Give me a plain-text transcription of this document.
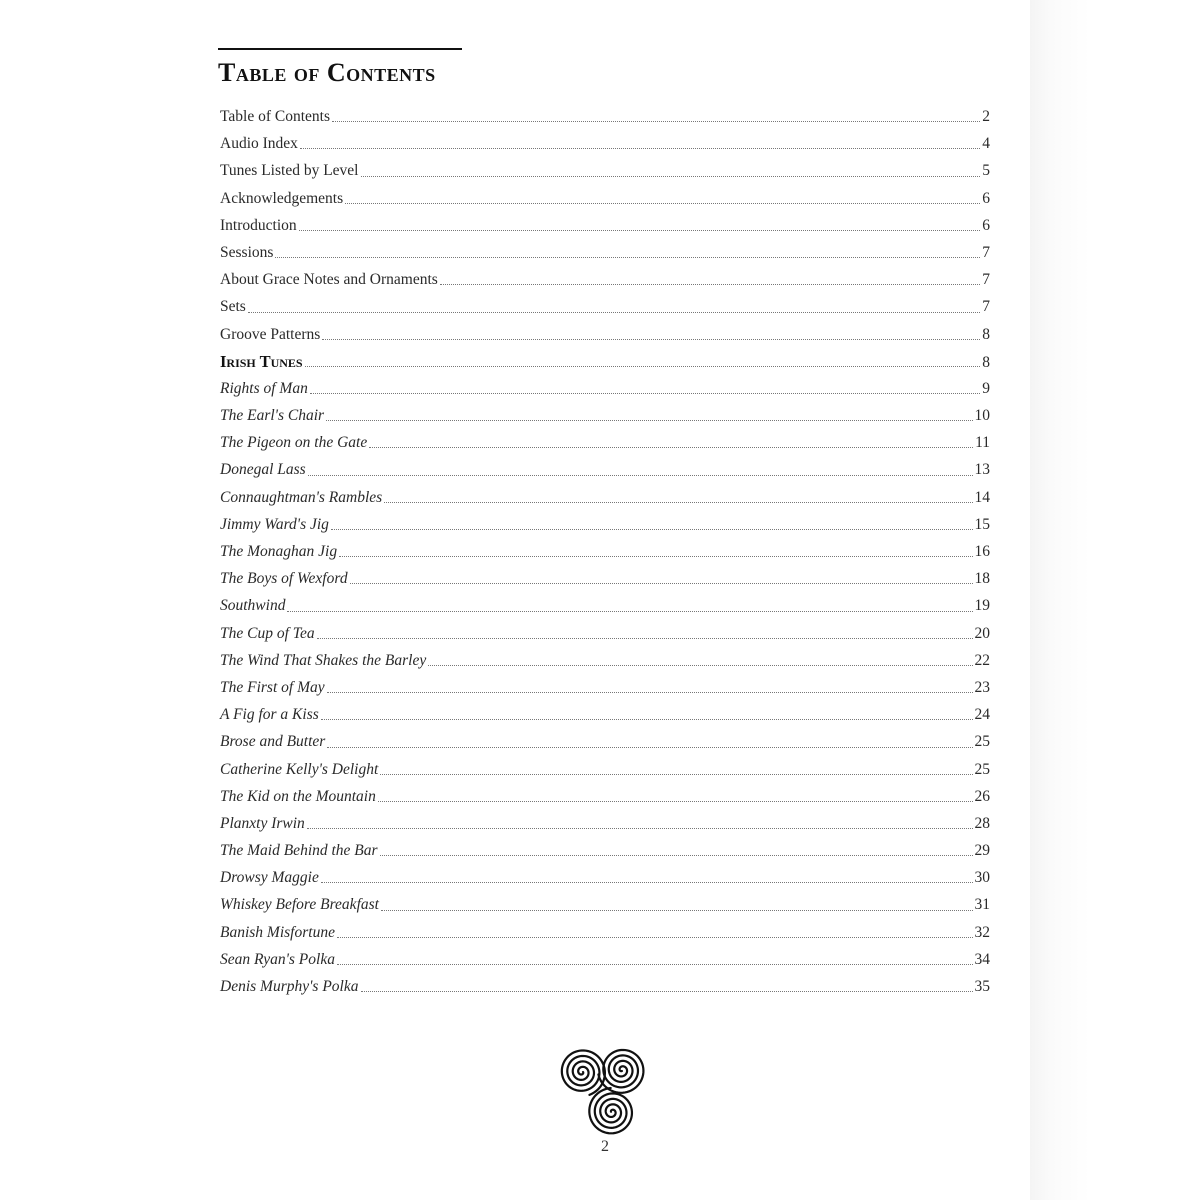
Table of Contents
Table of Contents	2
Audio Index	4
Tunes Listed by Level	5
Acknowledgements	6
Introduction	6
Sessions	7
About Grace Notes and Ornaments	7
Sets	7
Groove Patterns	8
Irish Tunes	8
Rights of Man	9
The Earl's Chair	10
The Pigeon on the Gate	11
Donegal Lass	13
Connaughtman's Rambles	14
Jimmy Ward's Jig	15
The Monaghan Jig	16
The Boys of Wexford	18
Southwind	19
The Cup of Tea	20
The Wind That Shakes the Barley	22
The First of May	23
A Fig for a Kiss	24
Brose and Butter	25
Catherine Kelly's Delight	25
The Kid on the Mountain	26
Planxty Irwin	28
The Maid Behind the Bar	29
Drowsy Maggie	30
Whiskey Before Breakfast	31
Banish Misfortune	32
Sean Ryan's Polka	34
Denis Murphy's Polka	35
2
